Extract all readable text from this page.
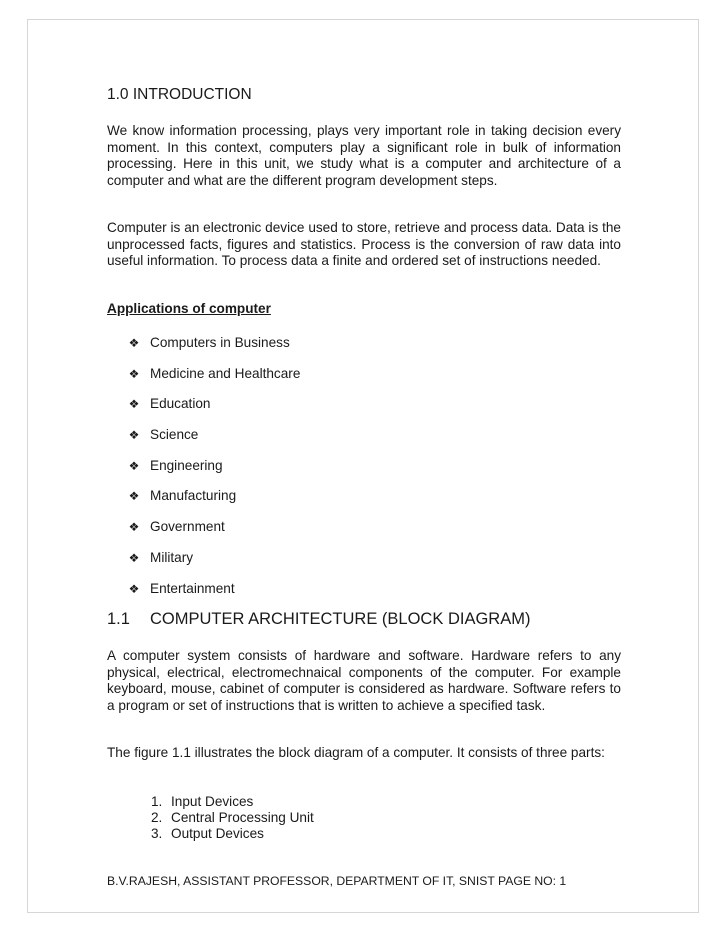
1.0 INTRODUCTION

We know information processing, plays very important role in taking decision every moment. In this context, computers play a significant role in bulk of information processing. Here in this unit, we study what is a computer and architecture of a computer and what are the different program development steps.

Computer is an electronic device used to store, retrieve and process data. Data is the unprocessed facts, figures and statistics. Process is the conversion of raw data into useful information. To process data a finite and ordered set of instructions needed.

Applications of computer
❖ Computers in Business
❖ Medicine and Healthcare
❖ Education
❖ Science
❖ Engineering
❖ Manufacturing
❖ Government
❖ Military
❖ Entertainment
1.1 COMPUTER ARCHITECTURE (BLOCK DIAGRAM)

A computer system consists of hardware and software. Hardware refers to any physical, electrical, electromechnaical components of the computer. For example keyboard, mouse, cabinet of computer is considered as hardware. Software refers to a program or set of instructions that is written to achieve a specified task.

The figure 1.1 illustrates the block diagram of a computer. It consists of three parts:

1. Input Devices
2. Central Processing Unit
3. Output Devices

B.V.RAJESH, ASSISTANT PROFESSOR, DEPARTMENT OF IT, SNIST PAGE NO: 1
